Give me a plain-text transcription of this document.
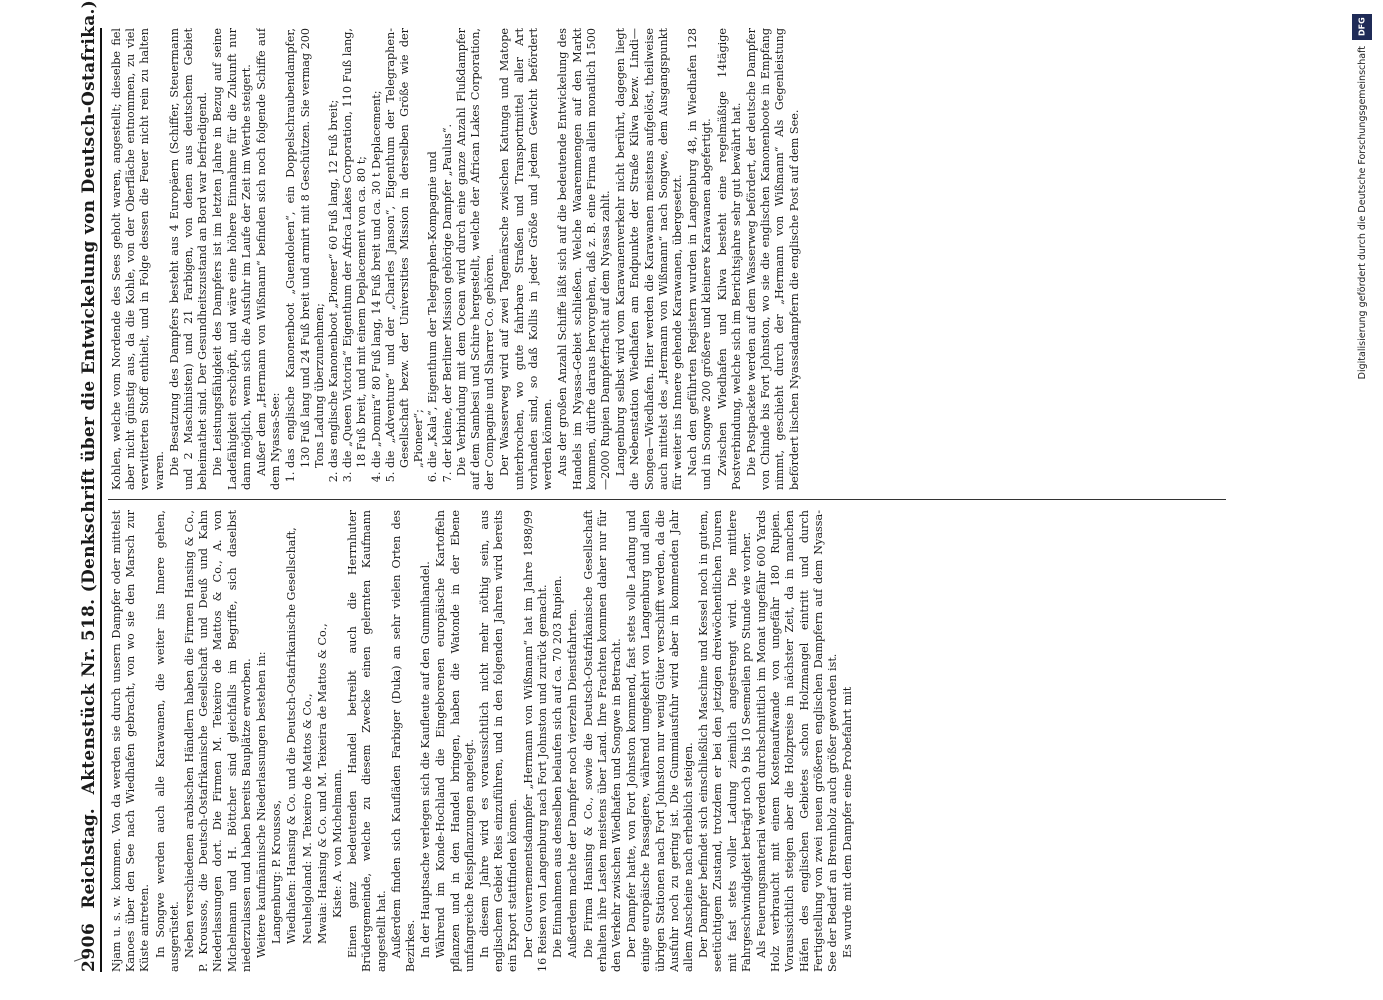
2906
Reichstag.
Aktenstück Nr. 518. (Denkschrift über die Entwickelung von Deutsch-Ostafrika.) Njam u. s. w. kommen. Von da werden sie durch unsern Dampfer oder mittelst Kanoes über den See nach Wiedhafen gebracht, von wo sie den Marsch zur Küste antreten. In Songwe werden auch alle Karawanen, die weiter ins Innere gehen, ausgerüstet. Neben verschiedenen arabischen Händlern haben die Firmen Hansing & Co., P. Kroussos, die Deutsch-Ostafrikanische Gesellschaft und Deuß und Kahn Niederlassungen dort. Die Firmen M. Teixeiro de Mattos & Co., A. von Michelmann und H. Böttcher sind gleichfalls im Begriffe, sich daselbst niederzulassen und haben bereits Bauplätze erworben. Weitere kaufmännische Niederlassungen bestehen in: Langenburg: P. Kroussos, Wiedhafen: Hansing & Co. und die Deutsch-Ostafrikanische Gesellschaft, Neuhelgoland: M. Teixeiro de Mattos & Co., Mwaia: Hansing & Co. und M. Teixeira de Mattos & Co., Kiste: A. von Michelmann. Einen ganz bedeutenden Handel betreibt auch die Herrnhuter Brüdergemeinde, welche zu diesem Zwecke einen gelernten Kaufmann angestellt hat. Außerdem finden sich Kaufläden Farbiger (Duka) an sehr vielen Orten des Bezirkes. In der Hauptsache verlegen sich die Kaufleute auf den Gummihandel. Während im Konde-Hochland die Eingeborenen europäische Kartoffeln pflanzen und in den Handel bringen, haben die Watonde in der Ebene umfangreiche Reispflanzungen angelegt. In diesem Jahre wird es voraussichtlich nicht mehr nöthig sein, aus englischem Gebiet Reis einzuführen, und in den folgenden Jahren wird bereits ein Export stattfinden können. Der Gouvernementsdampfer „Hermann von Wißmann“ hat im Jahre 1898/99 16 Reisen von Langenburg nach Fort Johnston und zurück gemacht. Die Einnahmen aus denselben belaufen sich auf ca. 70 203 Rupien. Außerdem machte der Dampfer noch vierzehn Dienstfahrten. Die Firma Hansing & Co., sowie die Deutsch-Ostafrikanische Gesellschaft erhalten ihre Lasten meistens über Land. Ihre Frachten kommen daher nur für den Verkehr zwischen Wiedhafen und Songwe in Betracht. Der Dampfer hatte, von Fort Johnston kommend, fast stets volle Ladung und einige europäische Passagiere, während umgekehrt von Langenburg und allen übrigen Stationen nach Fort Johnston nur wenig Güter verschifft werden, da die Ausfuhr noch zu gering ist. Die Gummiausfuhr wird aber in kommenden Jahr allem Anscheine nach erheblich steigen. Der Dampfer befindet sich einschließlich Maschine und Kessel noch in gutem, seetüchtigem Zustand, trotzdem er bei den jetzigen dreiwöchentlichen Touren mit fast stets voller Ladung ziemlich angestrengt wird. Die mittlere Fahrgeschwindigkeit beträgt noch 9 bis 10 Seemeilen pro Stunde wie vorher. Als Feuerungsmaterial werden durchschnittlich im Monat ungefähr 600 Yards Holz verbraucht mit einem Kostenaufwande von ungefähr 180 Rupien. Voraussichtlich steigen aber die Holzpreise in nächster Zeit, da in manchen Häfen des englischen Gebietes schon Holzmangel eintritt und durch Fertigstellung von zwei neuen größeren englischen Dampfern auf dem Nyassa-See der Bedarf an Brennholz auch größer geworden ist. Es wurde mit dem Dampfer eine Probefahrt mit

Kohlen, welche vom Nordende des Sees geholt waren, angestellt; dieselbe fiel aber nicht günstig aus, da die Kohle, von der Oberfläche entnommen, zu viel verwitterten Stoff enthielt, und in Folge dessen die Feuer nicht rein zu halten waren. Die Besatzung des Dampfers besteht aus 4 Europäern (Schiffer, Steuermann und 2 Maschinisten) und 21 Farbigen, von denen aus deutschem Gebiet beheimathet sind. Der Gesundheitszustand an Bord war befriedigend. Die Leistungsfähigkeit des Dampfers ist im letzten Jahre in Bezug auf seine Ladefähigkeit erschöpft, und wäre eine höhere Einnahme für die Zukunft nur dann möglich, wenn sich die Ausfuhr im Laufe der Zeit im Werthe steigert. Außer dem „Hermann von Wißmann“ befinden sich noch folgende Schiffe auf dem Nyassa-See: 1. das englische Kanonenboot „Guendoleen“, ein Doppelschraubendampfer, 130 Fuß lang und 24 Fuß breit und armirt mit 8 Geschützen. Sie vermag 200 Tons Ladung überzunehmen; 2. das englische Kanonenboot „Pioneer“ 60 Fuß lang, 12 Fuß breit; 3. die „Queen Victoria“ Eigenthum der Africa Lakes Corporation, 110 Fuß lang, 18 Fuß breit, und mit einem Deplacement von ca. 80 t; 4. die „Domira“ 80 Fuß lang, 14 Fuß breit und ca. 30 t Deplacement; 5. die „Adventure“ und der „Charles Janson“, Eigenthum der Telegraphen-Gesellschaft bezw. der Universities Mission in derselben Größe wie der „Pioneer“; 6. die „Kala“, Eigenthum der Telegraphen-Kompagnie und 7. der kleine, der Berliner Mission gehörige Dampfer „Paulus“. Die Verbindung mit dem Ocean wird durch eine ganze Anzahl Flußdampfer auf dem Sambesi und Schire hergestellt, welche der African Lakes Corporation, der Compagnie und Sharrer Co. gehören. Der Wasserweg wird auf zwei Tagemärsche zwischen Katunga und Matope unterbrochen, wo gute fahrbare Straßen und Transportmittel aller Art vorhanden sind, so daß Kollis in jeder Größe und jedem Gewicht befördert werden können. Aus der großen Anzahl Schiffe läßt sich auf die bedeutende Entwickelung des Handels im Nyassa-Gebiet schließen. Welche Waarenmengen auf den Markt kommen, dürfte daraus hervorgehen, daß z. B. eine Firma allein monatlich 1500—2000 Rupien Dampferfracht auf dem Nyassa zahlt. Langenburg selbst wird vom Karawanenverkehr nicht berührt, dagegen liegt die Nebenstation Wiedhafen am Endpunkte der Straße Kilwa bezw. Lindi—Songea—Wiedhafen. Hier werden die Karawanen meistens aufgelöst, theilweise auch mittelst des „Hermann von Wißmann“ nach Songwe, dem Ausgangspunkt für weiter ins Innere gehende Karawanen, übergesetzt. Nach den geführten Registern wurden in Langenburg 48, in Wiedhafen 128 und in Songwe 200 größere und kleinere Karawanen abgefertigt. Zwischen Wiedhafen und Kilwa besteht eine regelmäßige 14tägige Postverbindung, welche sich im Berichtsjahre sehr gut bewährt hat. Die Postpackete werden auf dem Wasserweg befördert, der deutsche Dampfer von Chinde bis Fort Johnston, wo sie die englischen Kanonenboote in Empfang nimmt, geschieht durch der „Hermann von Wißmann“ Als Gegenleistung befördert lischen Nyassadampfern die englische Post auf dem See.

DFG
Digitalisierung gefördert durch die Deutsche Forschungsgemeinschaft
